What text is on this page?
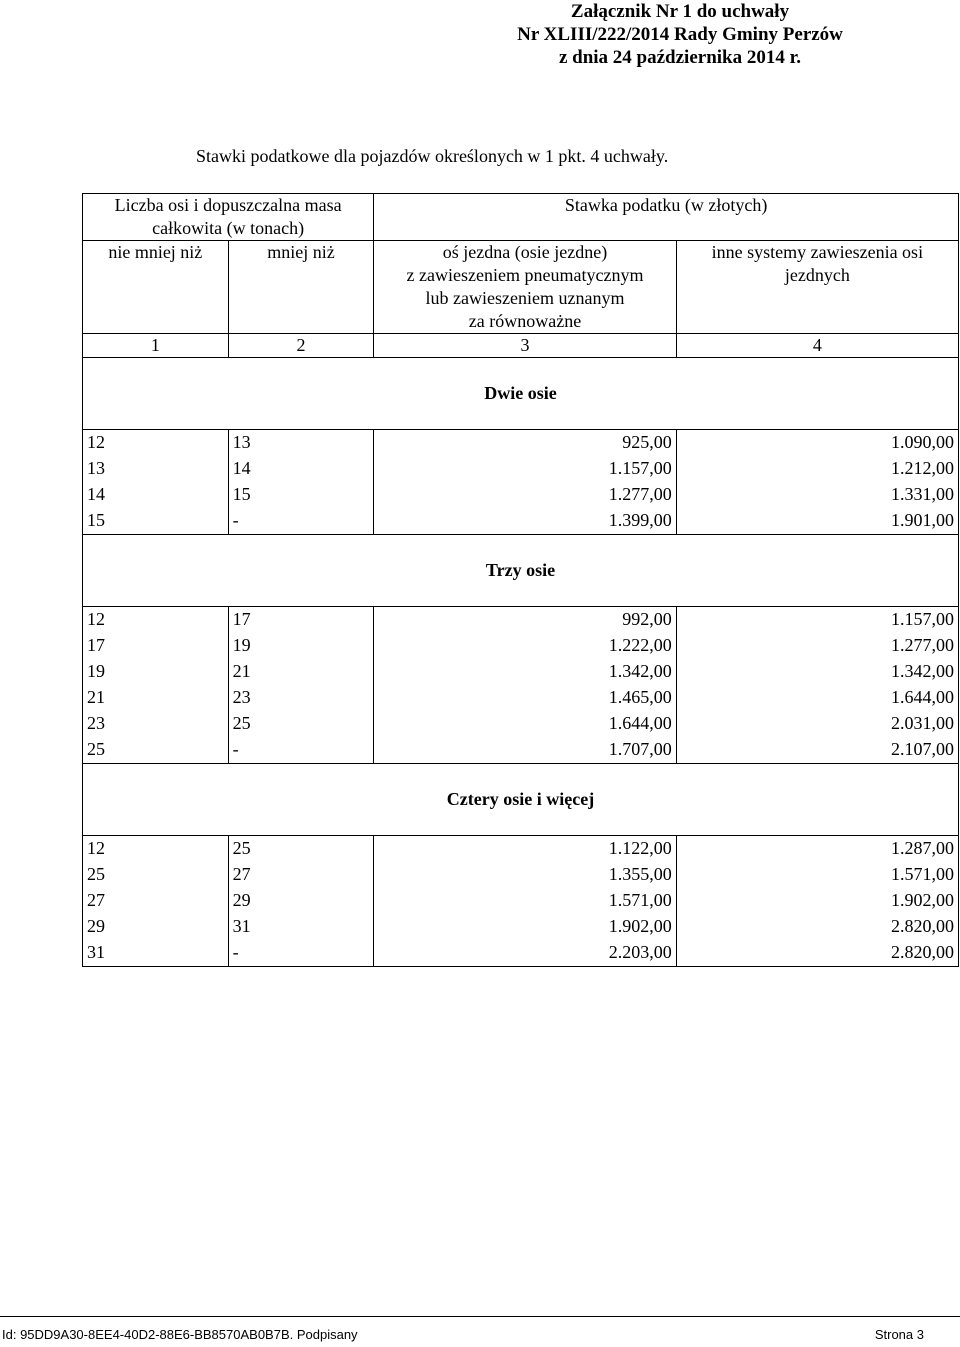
Załącznik Nr 1 do uchwały
Nr XLIII/222/2014 Rady Gminy Perzów
z dnia 24 października 2014 r.
Stawki podatkowe dla pojazdów określonych w 1 pkt. 4 uchwały.
Liczba osi i dopuszczalna masa
całkowita (w tonach)		Stawka podatku (w złotych)	
nie mniej niż	mniej niż	oś jezdna (osie jezdne)
z zawieszeniem pneumatycznym
lub zawieszeniem uznanym
za równoważne	inne systemy zawieszenia osi
jezdnych
1	2	3	4
Dwie osie			
12	13	925,00	1.090,00
13	14	1.157,00	1.212,00
14	15	1.277,00	1.331,00
15	-	1.399,00	1.901,00
Trzy osie			
12	17	992,00	1.157,00
17	19	1.222,00	1.277,00
19	21	1.342,00	1.342,00
21	23	1.465,00	1.644,00
23	25	1.644,00	2.031,00
25	-	1.707,00	2.107,00
Cztery osie i więcej			
12	25	1.122,00	1.287,00
25	27	1.355,00	1.571,00
27	29	1.571,00	1.902,00
29	31	1.902,00	2.820,00
31	-	2.203,00	2.820,00
Id: 95DD9A30-8EE4-40D2-88E6-BB8570AB0B7B. Podpisany	Strona 3
